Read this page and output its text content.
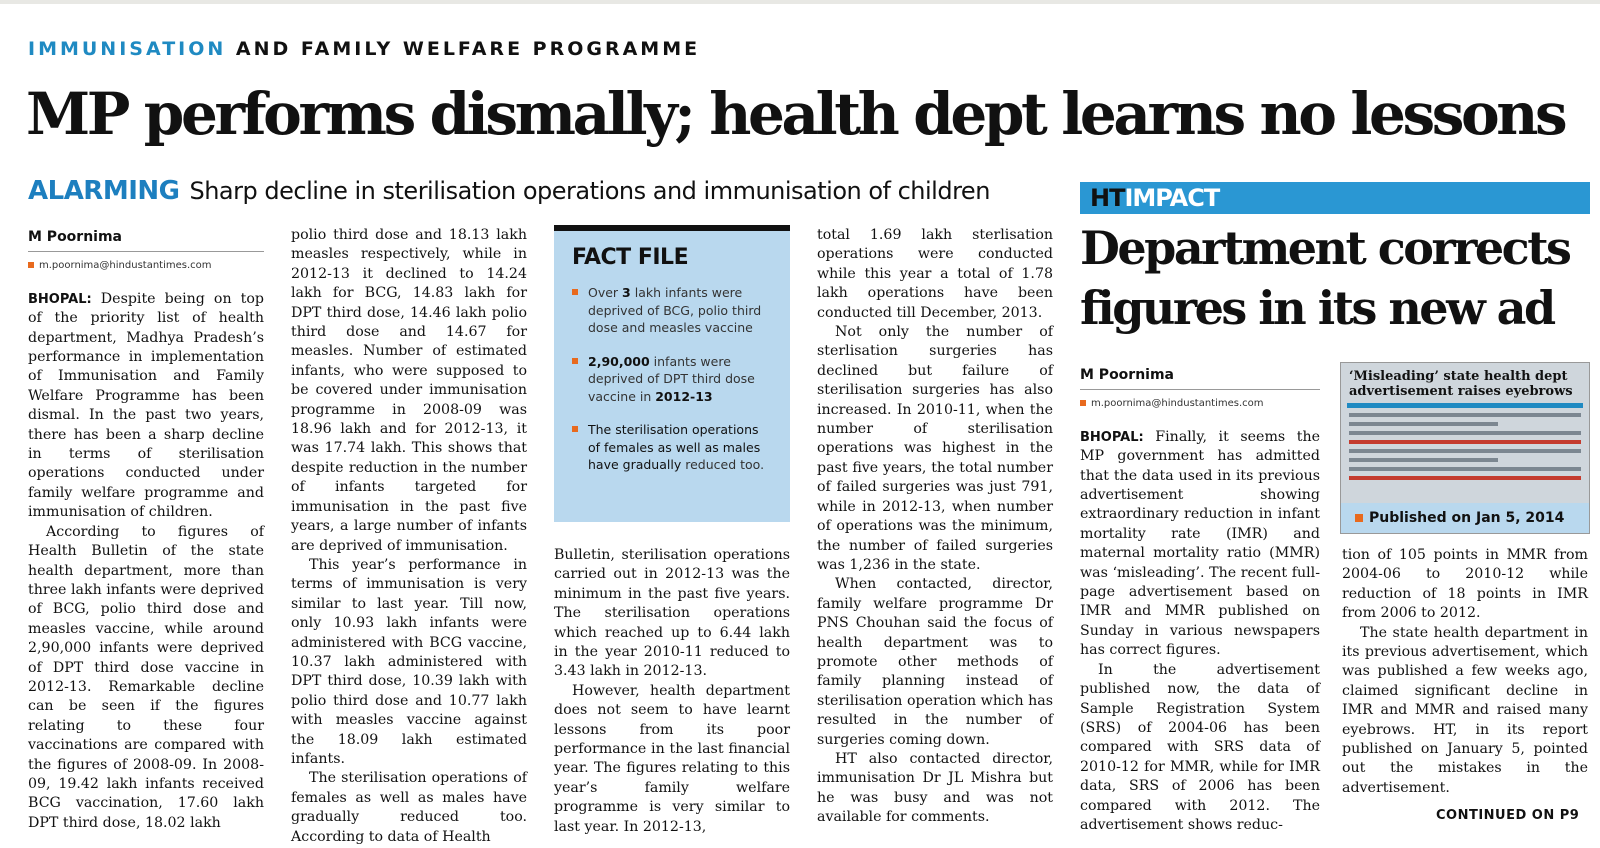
IMMUNISATION AND FAMILY WELFARE PROGRAMME
MP performs dismally; health dept learns no lessons
ALARMING Sharp decline in sterilisation operations and immunisation of children
M Poornima
m.poornima@hindustantimes.com

BHOPAL: Despite being on top of the priority list of health department, Madhya Pradesh’s performance in implementation of Immunisation and Family Welfare Programme has been dismal. In the past two years, there has been a sharp decline in terms of sterilisation operations conducted under family welfare programme and immunisation of children.

According to figures of Health Bulletin of the state health department, more than three lakh infants were deprived of BCG, polio third dose and measles vaccine, while around 2,90,000 infants were deprived of DPT third dose vaccine in 2012-13. Remarkable decline can be seen if the figures relating to these four vaccinations are compared with the figures of 2008-09. In 2008-09, 19.42 lakh infants received BCG vaccination, 17.60 lakh DPT third dose, 18.02 lakh

polio third dose and 18.13 lakh measles respectively, while in 2012-13 it declined to 14.24 lakh for BCG, 14.83 lakh for DPT third dose, 14.46 lakh polio third dose and 14.67 for measles. Number of estimated infants, who were supposed to be covered under immunisation programme in 2008-09 was 18.96 lakh and for 2012-13, it was 17.74 lakh. This shows that despite reduction in the number of infants targeted for immunisation in the past five years, a large number of infants are deprived of immunisation.

This year’s performance in terms of immunisation is very similar to last year. Till now, only 10.93 lakh infants were administered with BCG vaccine, 10.37 lakh administered with DPT third dose, 10.39 lakh with polio third dose and 10.77 lakh with measles vaccine against the 18.09 lakh estimated infants.

The sterilisation operations of females as well as males have gradually reduced too. According to data of Health

FACT FILE
Over 3 lakh infants were deprived of BCG, polio third dose and measles vaccine
2,90,000 infants were deprived of DPT third dose vaccine in 2012-13
The sterilisation operations of females as well as males have gradually reduced too.

Bulletin, sterilisation operations carried out in 2012-13 was the minimum in the past five years. The sterilisation operations which reached up to 6.44 lakh in the year 2010-11 reduced to 3.43 lakh in 2012-13.

However, health department does not seem to have learnt lessons from its poor performance in the last financial year. The figures relating to this year’s family welfare programme is very similar to last year. In 2012-13,

total 1.69 lakh sterlisation operations were conducted while this year a total of 1.78 lakh operations have been conducted till December, 2013.

Not only the number of sterlisation surgeries has declined but failure of sterilisation surgeries has also increased. In 2010-11, when the number of sterilisation operations was highest in the past five years, the total number of failed surgeries was just 791, while in 2012-13, when number of operations was the minimum, the number of failed surgeries was 1,236 in the state.

When contacted, director, family welfare programme Dr PNS Chouhan said the focus of health department was to promote other methods of family planning instead of sterilisation operation which has resulted in the number of surgeries coming down.

HT also contacted director, immunisation Dr JL Mishra but he was busy and was not available for comments.

HTIMPACT
Department corrects figures in its new ad
M Poornima
m.poornima@hindustantimes.com

BHOPAL: Finally, it seems the MP government has admitted that the data used in its previous advertisement showing extraordinary reduction in infant mortality rate (IMR) and maternal mortality ratio (MMR) was ‘misleading’. The recent full-page advertisement based on IMR and MMR published on Sunday in various newspapers has correct figures.

In the advertisement published now, the data of Sample Registration System (SRS) of 2004-06 has been compared with SRS data of 2010-12 for MMR, while for IMR data, SRS of 2006 has been compared with 2012. The advertisement shows reduc-

‘Misleading’ state health dept advertisement raises eyebrows
Published on Jan 5, 2014

tion of 105 points in MMR from 2004-06 to 2010-12 while reduction of 18 points in IMR from 2006 to 2012.

The state health department in its previous advertisement, which was published a few weeks ago, claimed significant decline in IMR and MMR and raised many eyebrows. HT, in its report published on January 5, pointed out the mistakes in the advertisement.

CONTINUED ON P9
